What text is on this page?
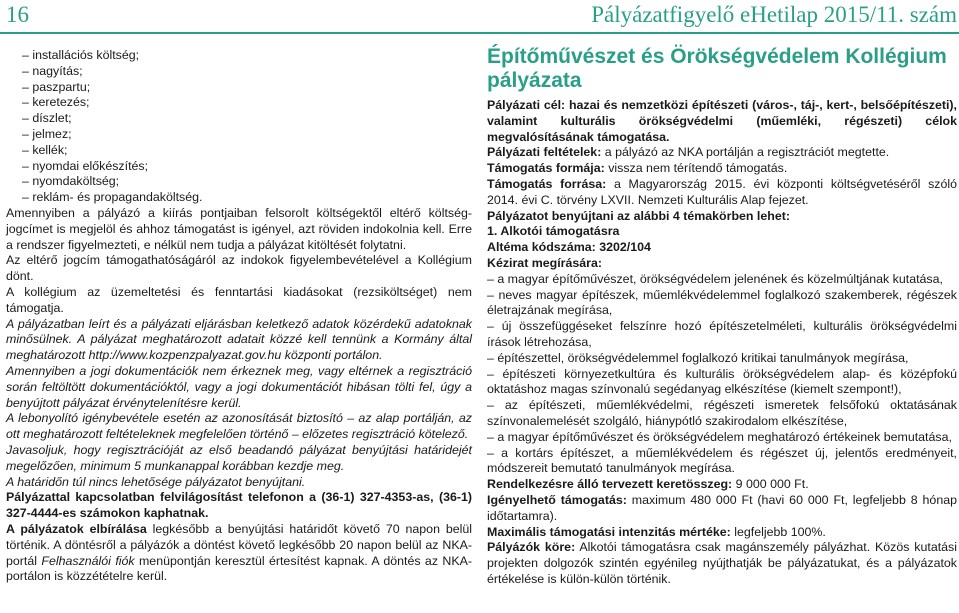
16	Pályázatfigyelő eHetilap 2015/11. szám

– installációs költség;

– nagyítás;

– paszpartu;

– keretezés;

– díszlet;

– jelmez;

– kellék;

– nyomdai előkészítés;

– nyomdaköltség;

– reklám- és propagandaköltség.

Amennyiben a pályázó a kiírás pontjaiban felsorolt költségektől eltérő költség-jogcímet is megjelöl és ahhoz támogatást is igényel, azt röviden indokolnia kell. Erre a rendszer figyelmezteti, e nélkül nem tudja a pályázat kitöltését folytatni.

Az eltérő jogcím támogathatóságáról az indokok figyelembevételével a Kollégium dönt.

A kollégium az üzemeltetési és fenntartási kiadásokat (rezsiköltséget) nem támogatja.

A pályázatban leírt és a pályázati eljárásban keletkező adatok közérdekű adatoknak minősülnek. A pályázat meghatározott adatait közzé kell tennünk a Kormány által meghatározott http://www.kozpenzpalyazat.gov.hu központi portálon.

Amennyiben a jogi dokumentációk nem érkeznek meg, vagy eltérnek a regisztráció során feltöltött dokumentációktól, vagy a jogi dokumentációt hibásan tölti fel, úgy a benyújtott pályázat érvénytelenítésre kerül.

A lebonyolító igénybevétele esetén az azonosítását biztosító – az alap portálján, az ott meghatározott feltételeknek megfelelően történő – előzetes regisztráció kötelező.

Javasoljuk, hogy regisztrációját az első beadandó pályázat benyújtási határidejét megelőzően, minimum 5 munkanappal korábban kezdje meg.

A határidőn túl nincs lehetősége pályázatot benyújtani.

Pályázattal kapcsolatban felvilágosítást telefonon a (36-1) 327-4353-as, (36-1) 327-4444-es számokon kaphatnak.

A pályázatok elbírálása legkésőbb a benyújtási határidőt követő 70 napon belül történik. A döntésről a pályázók a döntést követő legkésőbb 20 napon belül az NKA-portál Felhasználói fiók menüpontján keresztül értesítést kapnak. A döntés az NKA-portálon is közzétételre kerül.

Építőművészet és Örökségvédelem Kollégium pályázata

Pályázati cél: hazai és nemzetközi építészeti (város-, táj-, kert-, belsőépítészeti), valamint kulturális örökségvédelmi (műemléki, régészeti) célok megvalósításának támogatása.

Pályázati feltételek: a pályázó az NKA portálján a regisztrációt megtette.

Támogatás formája: vissza nem térítendő támogatás.

Támogatás forrása: a Magyarország 2015. évi központi költségvetéséről szóló 2014. évi C. törvény LXVII. Nemzeti Kulturális Alap fejezet.

Pályázatot benyújtani az alábbi 4 témakörben lehet:

1. Alkotói támogatásra

Altéma kódszáma: 3202/104

Kézirat megírására:

– a magyar építőművészet, örökségvédelem jelenének és közelmúltjának kutatása,

– neves magyar építészek, műemlékvédelemmel foglalkozó szakemberek, régészek életrajzának megírása,

– új összefüggéseket felszínre hozó építészetelméleti, kulturális örökségvédelmi írások létrehozása,

– építészettel, örökségvédelemmel foglalkozó kritikai tanulmányok megírása,

– építészeti környezetkultúra és kulturális örökségvédelem alap- és középfokú oktatáshoz magas színvonalú segédanyag elkészítése (kiemelt szempont!),

– az építészeti, műemlékvédelmi, régészeti ismeretek felsőfokú oktatásának színvonalemelését szolgáló, hiánypótló szakirodalom elkészítése,

– a magyar építőművészet és örökségvédelem meghatározó értékeinek bemutatása,

– a kortárs építészet, a műemlékvédelem és régészet új, jelentős eredményeit, módszereit bemutató tanulmányok megírása.

Rendelkezésre álló tervezett keretösszeg: 9 000 000 Ft.

Igényelhető támogatás: maximum 480 000 Ft (havi 60 000 Ft, legfeljebb 8 hónap időtartamra).

Maximális támogatási intenzitás mértéke: legfeljebb 100%.

Pályázók köre: Alkotói támogatásra csak magánszemély pályázhat. Közös kutatási projekten dolgozók szintén egyénileg nyújthatják be pályázatukat, és a pályázatok értékelése is külön-külön történik.
